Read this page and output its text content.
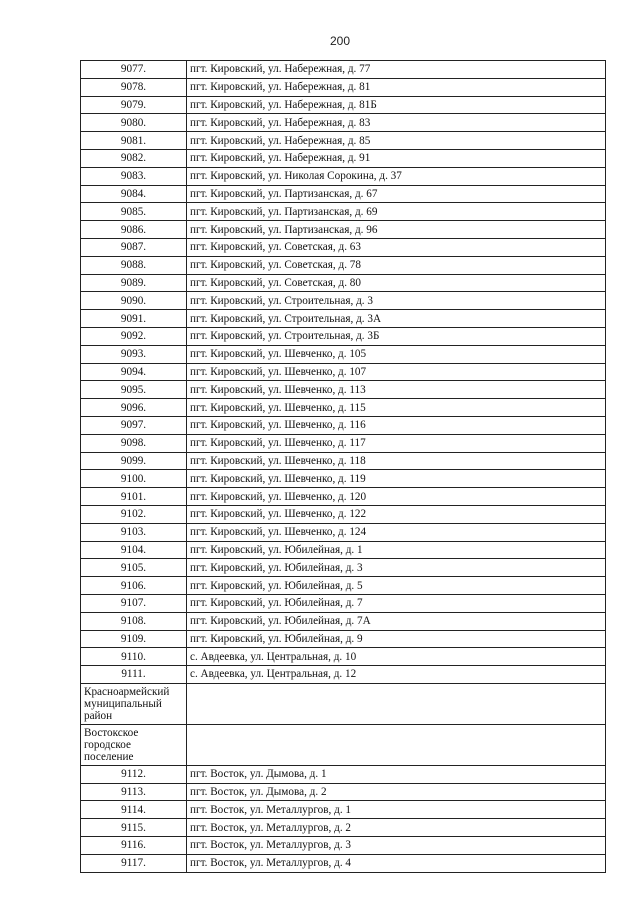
200
9077.	пгт. Кировский, ул. Набережная, д. 77
9078.	пгт. Кировский, ул. Набережная, д. 81
9079.	пгт. Кировский, ул. Набережная, д. 81Б
9080.	пгт. Кировский, ул. Набережная, д. 83
9081.	пгт. Кировский, ул. Набережная, д. 85
9082.	пгт. Кировский, ул. Набережная, д. 91
9083.	пгт. Кировский, ул. Николая Сорокина, д. 37
9084.	пгт. Кировский, ул. Партизанская, д. 67
9085.	пгт. Кировский, ул. Партизанская, д. 69
9086.	пгт. Кировский, ул. Партизанская, д. 96
9087.	пгт. Кировский, ул. Советская, д. 63
9088.	пгт. Кировский, ул. Советская, д. 78
9089.	пгт. Кировский, ул. Советская, д. 80
9090.	пгт. Кировский, ул. Строительная, д. 3
9091.	пгт. Кировский, ул. Строительная, д. 3А
9092.	пгт. Кировский, ул. Строительная, д. 3Б
9093.	пгт. Кировский, ул. Шевченко, д. 105
9094.	пгт. Кировский, ул. Шевченко, д. 107
9095.	пгт. Кировский, ул. Шевченко, д. 113
9096.	пгт. Кировский, ул. Шевченко, д. 115
9097.	пгт. Кировский, ул. Шевченко, д. 116
9098.	пгт. Кировский, ул. Шевченко, д. 117
9099.	пгт. Кировский, ул. Шевченко, д. 118
9100.	пгт. Кировский, ул. Шевченко, д. 119
9101.	пгт. Кировский, ул. Шевченко, д. 120
9102.	пгт. Кировский, ул. Шевченко, д. 122
9103.	пгт. Кировский, ул. Шевченко, д. 124
9104.	пгт. Кировский, ул. Юбилейная, д. 1
9105.	пгт. Кировский, ул. Юбилейная, д. 3
9106.	пгт. Кировский, ул. Юбилейная, д. 5
9107.	пгт. Кировский, ул. Юбилейная, д. 7
9108.	пгт. Кировский, ул. Юбилейная, д. 7А
9109.	пгт. Кировский, ул. Юбилейная, д. 9
9110.	с. Авдеевка, ул. Центральная, д. 10
9111.	с. Авдеевка, ул. Центральная, д. 12

Красноармейский
муниципальный
район	

Востокское
городское
поселение	

9112.	пгт. Восток, ул. Дымова, д. 1
9113.	пгт. Восток, ул. Дымова, д. 2
9114.	пгт. Восток, ул. Металлургов, д. 1
9115.	пгт. Восток, ул. Металлургов, д. 2
9116.	пгт. Восток, ул. Металлургов, д. 3
9117.	пгт. Восток, ул. Металлургов, д. 4
